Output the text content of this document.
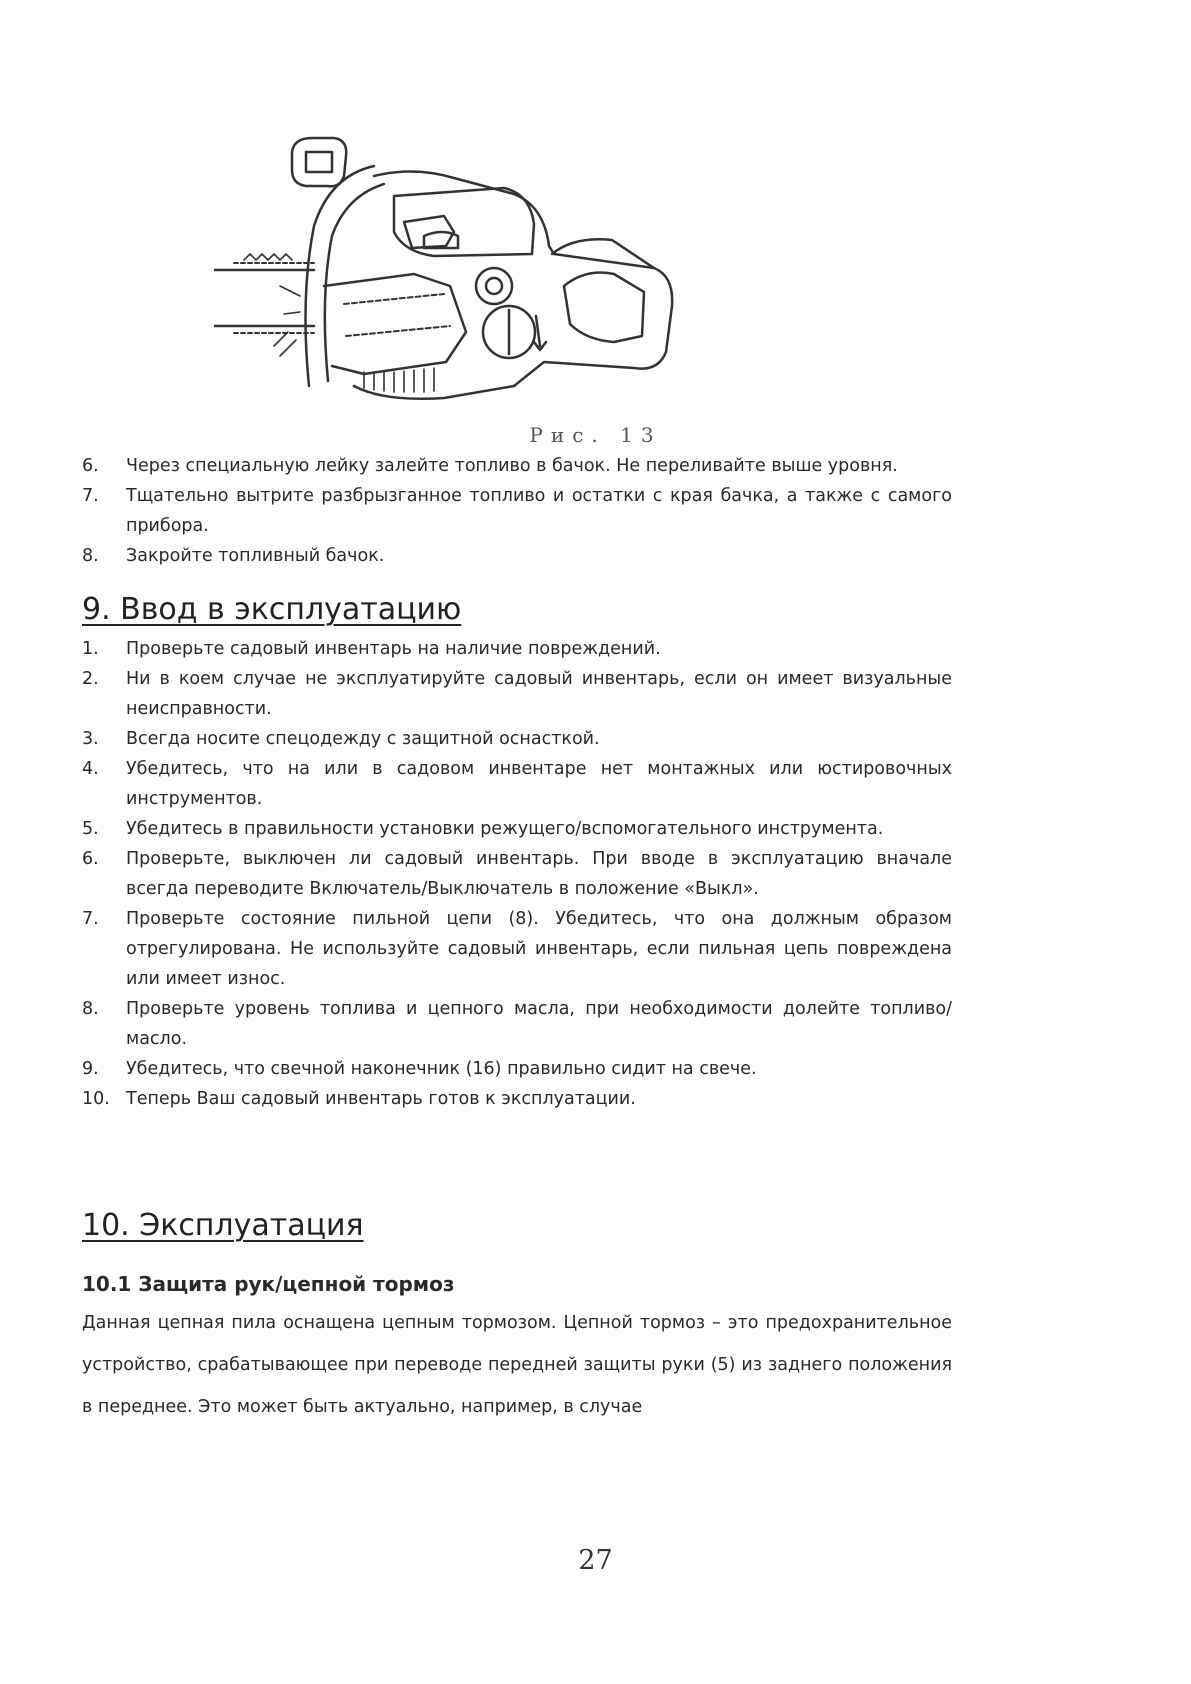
Рис. 13
6. Через специальную лейку залейте топливо в бачок. Не переливайте выше уровня.
7. Тщательно вытрите разбрызганное топливо и остатки с края бачка, а также с самого прибора.
8. Закройте топливный бачок.
9. Ввод в эксплуатацию
1. Проверьте садовый инвентарь на наличие повреждений.
2. Ни в коем случае не эксплуатируйте садовый инвентарь, если он имеет визуальные неисправности.
3. Всегда носите спецодежду с защитной оснасткой.
4. Убедитесь, что на или в садовом инвентаре нет монтажных или юстировочных инструментов.
5. Убедитесь в правильности установки режущего/вспомогательного инструмента.
6. Проверьте, выключен ли садовый инвентарь. При вводе в эксплуатацию вначале всегда переводите Включатель/Выключатель в положение «Выкл».
7. Проверьте состояние пильной цепи (8). Убедитесь, что она должным образом отрегулирована. Не используйте садовый инвентарь, если пильная цепь повреждена или имеет износ.
8. Проверьте уровень топлива и цепного масла, при необходимости долейте топливо/масло.
9. Убедитесь, что свечной наконечник (16) правильно сидит на свече.
10. Теперь Ваш садовый инвентарь готов к эксплуатации.
10. Эксплуатация
10.1 Защита рук/цепной тормоз

Данная цепная пила оснащена цепным тормозом. Цепной тормоз – это предохранительное устройство, срабатывающее при переводе передней защиты руки (5) из заднего положения в переднее. Это может быть актуально, например, в случае

27
